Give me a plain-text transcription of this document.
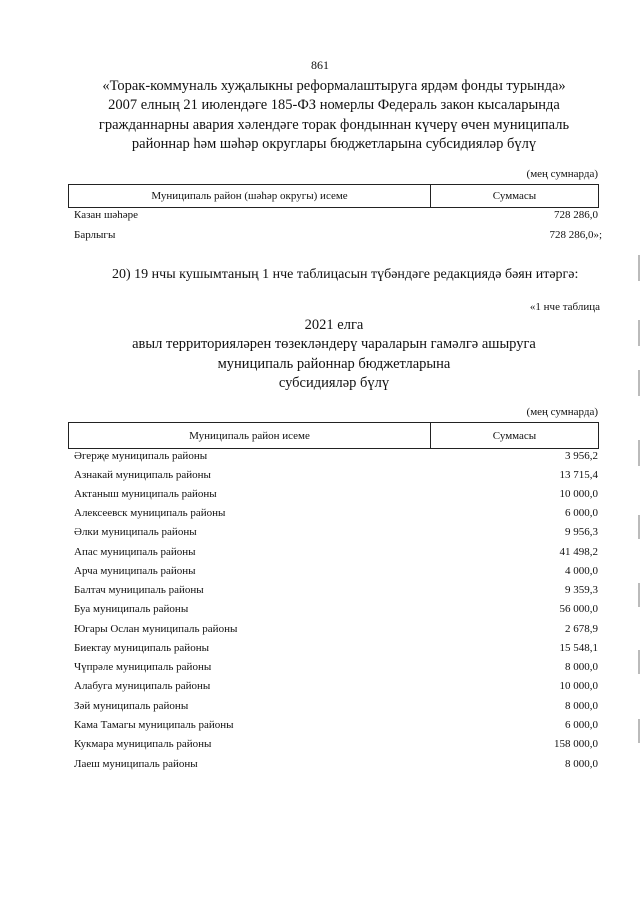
861
«Торак-коммуналь хуҗалыкны реформалаштыруга ярдәм фонды турында»
2007 елның 21 июлендәге 185-ФЗ номерлы Федераль закон кысаларында
гражданнарны авария хәлендәге торак фондыннан күчерү өчен муниципаль
районнар һәм шәһәр округлары бюджетларына субсидияләр бүлү
(мең сумнарда)
Муниципаль район (шәһәр округы) исеме	Суммасы
Казан шәһәре	728 286,0
Барлыгы	728 286,0»;
20) 19 нчы кушымтаның 1 нче таблицасын түбәндәге редакциядә бәян итәргә:
«1 нче таблица
2021 елга
авыл территорияләрен төзекләндерү чараларын гамәлгә ашыруга
муниципаль районнар бюджетларына
субсидияләр бүлү
(мең сумнарда)
Муниципаль район исеме	Суммасы
Әгерҗе муниципаль районы	3 956,2
Азнакай муниципаль районы	13 715,4
Актаныш муниципаль районы	10 000,0
Алексеевск муниципаль районы	6 000,0
Әлки муниципаль районы	9 956,3
Апас муниципаль районы	41 498,2
Арча муниципаль районы	4 000,0
Балтач муниципаль районы	9 359,3
Буа муниципаль районы	56 000,0
Югары Ослан муниципаль районы	2 678,9
Биектау муниципаль районы	15 548,1
Чүпрәле муниципаль районы	8 000,0
Алабуга муниципаль районы	10 000,0
Зәй муниципаль районы	8 000,0
Кама Тамагы муниципаль районы	6 000,0
Кукмара муниципаль районы	158 000,0
Лаеш муниципаль районы	8 000,0
